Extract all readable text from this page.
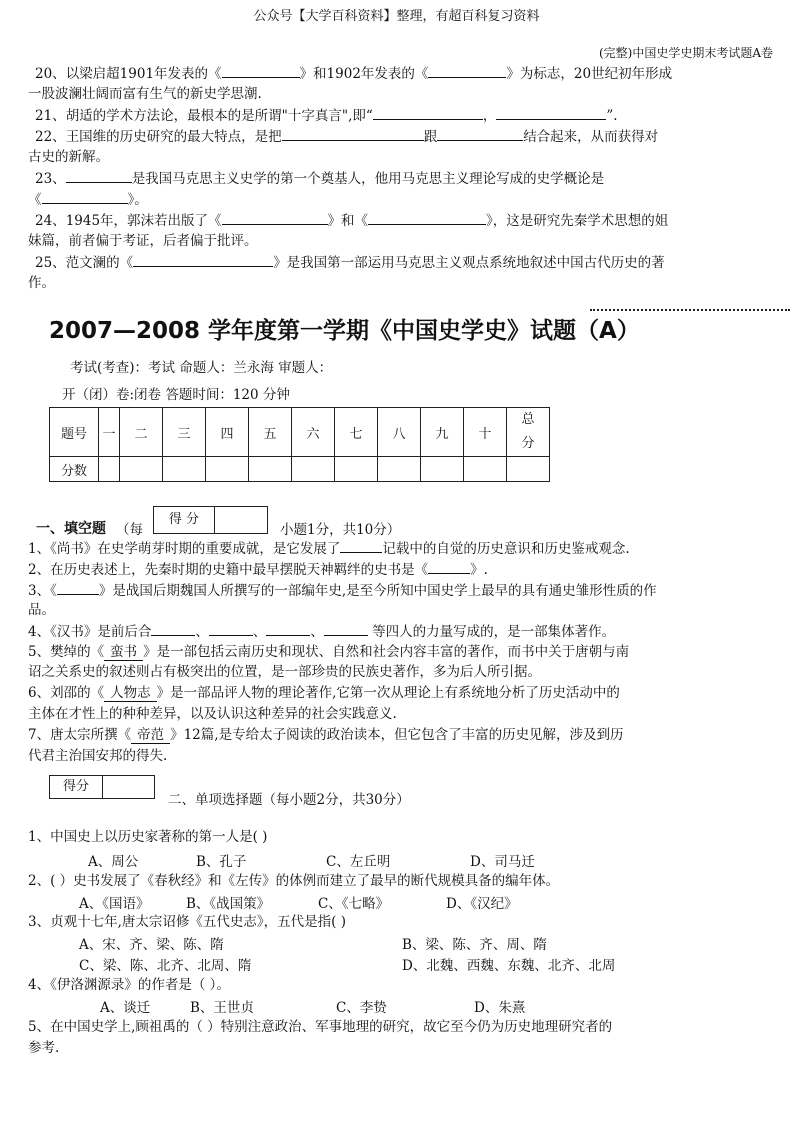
公众号【大学百科资料】整理，有超百科复习资料
(完整)中国史学史期末考试题A卷
20、以梁启超1901年发表的《	》和1902年发表的《	》为标志，20世纪初年形成
一股波澜壮阔而富有生气的新史学思潮.
21、胡适的学术方法论，最根本的是所谓"十字真言",即“	，	”.
22、王国维的历史研究的最大特点，是把	跟	结合起来，从而获得对
古史的新解。
23、	是我国马克思主义史学的第一个奠基人，他用马克思主义理论写成的史学概论是
《	》。
24、1945年，郭沫若出版了《	》和《	》，这是研究先秦学术思想的姐
妹篇，前者偏于考证，后者偏于批评。
25、范文澜的《	》是我国第一部运用马克思主义观点系统地叙述中国古代历史的著
作。
2007—2008 学年度第一学期《中国史学史》试题（A）
考试(考查)：考试 命题人：兰永海 审题人：
开（闭）卷:闭卷 答题时间：120 分钟
题号	一	二	三	四	五	六	七	八	九	十	总
分
分数											
一、填空题 （每
得 分
小题1分，共10分）
1、《尚书》在史学萌芽时期的重要成就，是它发展了	记载中的自觉的历史意识和历史鉴戒观念.
2、在历史表述上，先秦时期的史籍中最早摆脱天神羁绊的史书是《	》.
3、《	》是战国后期魏国人所撰写的一部编年史,是至今所知中国史学上最早的具有通史雏形性质的作
品。
4、《汉书》是前后合	、	、	、	等四人的力量写成的，是一部集体著作。
5、樊绰的《 蛮书 》是一部包括云南历史和现状、自然和社会内容丰富的著作，而书中关于唐朝与南
诏之关系史的叙述则占有极突出的位置，是一部珍贵的民族史著作，多为后人所引据。
6、刘邵的《 人物志 》是一部品评人物的理论著作,它第一次从理论上有系统地分析了历史活动中的
主体在才性上的种种差异，以及认识这种差异的社会实践意义.
7、唐太宗所撰《 帝范 》12篇,是专给太子阅读的政治读本，但它包含了丰富的历史见解，涉及到历
代君主治国安邦的得失.
得分
二、单项选择题（每小题2分，共30分）
1、中国史上以历史家著称的第一人是( )
A、周公	B、孔子	C、左丘明	D、司马迁
2、( ）史书发展了《春秋经》和《左传》的体例而建立了最早的断代规模具备的编年体。
A、《国语》	B、《战国策》	C、《七略》	D、《汉纪》
3、贞观十七年,唐太宗诏修《五代史志》，五代是指( )
A、宋、齐、梁、陈、隋	B、梁、陈、齐、周、隋
C、梁、陈、北齐、北周、隋	D、北魏、西魏、东魏、北齐、北周
4、《伊洛渊源录》的作者是（ ）。
A、谈迁	B、王世贞	C、李贽	D、朱熹
5、在中国史学上,顾祖禹的（ ）特别注意政治、军事地理的研究，故它至今仍为历史地理研究者的
参考.
